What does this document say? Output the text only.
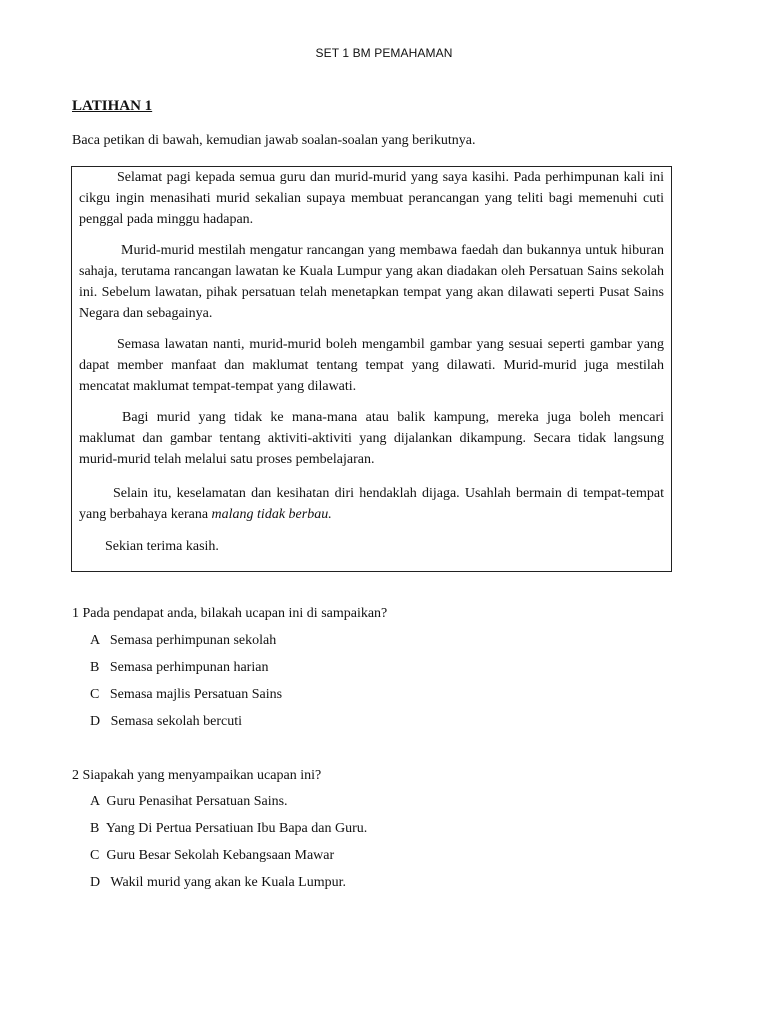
SET 1 BM PEMAHAMAN
LATIHAN 1
Baca petikan di bawah, kemudian jawab soalan-soalan yang berikutnya.

Selamat pagi kepada semua guru dan murid-murid yang saya kasihi. Pada perhimpunan kali ini cikgu ingin menasihati murid sekalian supaya membuat perancangan yang teliti bagi memenuhi cuti penggal pada minggu hadapan.

Murid-murid mestilah mengatur rancangan yang membawa faedah dan bukannya untuk hiburan sahaja, terutama rancangan lawatan ke Kuala Lumpur yang akan diadakan oleh Persatuan Sains sekolah ini. Sebelum lawatan, pihak persatuan telah menetapkan tempat yang akan dilawati seperti Pusat Sains Negara dan sebagainya.

Semasa lawatan nanti, murid-murid boleh mengambil gambar yang sesuai seperti gambar yang dapat member manfaat dan maklumat tentang tempat yang dilawati. Murid-murid juga mestilah mencatat maklumat tempat-tempat yang dilawati.

Bagi murid yang tidak ke mana-mana atau balik kampung, mereka juga boleh mencari maklumat dan gambar tentang aktiviti-aktiviti yang dijalankan dikampung. Secara tidak langsung murid-murid telah melalui satu proses pembelajaran.

Selain itu, keselamatan dan kesihatan diri hendaklah dijaga. Usahlah bermain di tempat-tempat yang berbahaya kerana malang tidak berbau.

Sekian terima kasih.

1 Pada pendapat anda, bilakah ucapan ini di sampaikan?
A   Semasa perhimpunan sekolah
B   Semasa perhimpunan harian
C   Semasa majlis Persatuan Sains
D   Semasa sekolah bercuti
2 Siapakah yang menyampaikan ucapan ini?
A  Guru Penasihat Persatuan Sains.
B  Yang Di Pertua Persatiuan Ibu Bapa dan Guru.
C  Guru Besar Sekolah Kebangsaan Mawar
D   Wakil murid yang akan ke Kuala Lumpur.
